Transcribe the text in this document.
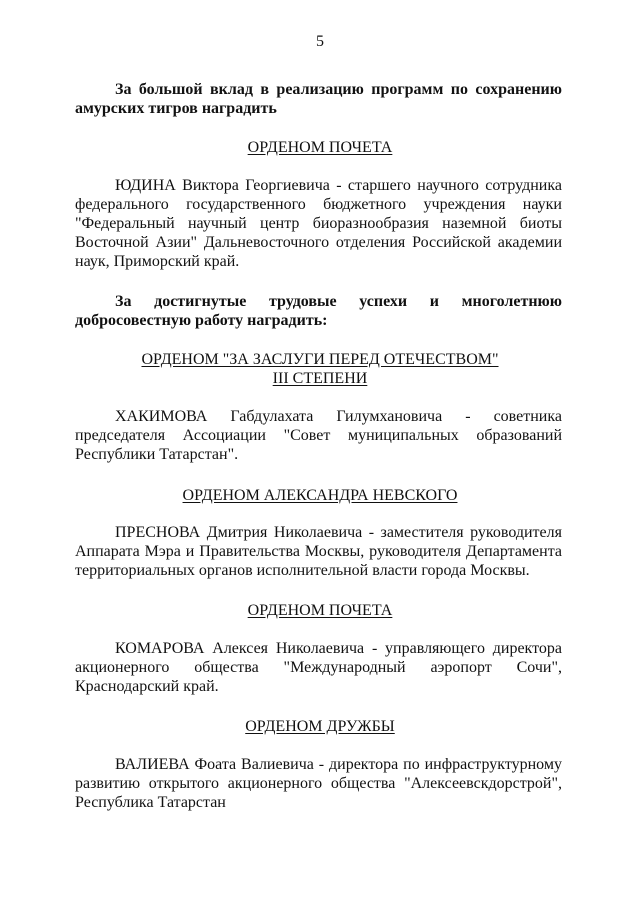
5
За большой вклад в реализацию программ по сохранению
амурских тигров наградить
ОРДЕНОМ ПОЧЕТА
ЮДИНА Виктора Георгиевича - старшего научного сотрудника
федерального государственного бюджетного учреждения науки
"Федеральный научный центр биоразнообразия наземной биоты
Восточной Азии" Дальневосточного отделения Российской академии
наук, Приморский край.
За достигнутые трудовые успехи и многолетнюю
добросовестную работу наградить:
ОРДЕНОМ "ЗА ЗАСЛУГИ ПЕРЕД ОТЕЧЕСТВОМ"
III СТЕПЕНИ
ХАКИМОВА Габдулахата Гилумхановича - советника
председателя Ассоциации "Совет муниципальных образований
Республики Татарстан".
ОРДЕНОМ АЛЕКСАНДРА НЕВСКОГО
ПРЕСНОВА Дмитрия Николаевича - заместителя руководителя
Аппарата Мэра и Правительства Москвы, руководителя Департамента
территориальных органов исполнительной власти города Москвы.
ОРДЕНОМ ПОЧЕТА
КОМАРОВА Алексея Николаевича - управляющего директора
акционерного общества "Международный аэропорт Сочи",
Краснодарский край.
ОРДЕНОМ ДРУЖБЫ
ВАЛИЕВА Фоата Валиевича - директора по инфраструктурному
развитию открытого акционерного общества "Алексеевскдорстрой",
Республика Татарстан
